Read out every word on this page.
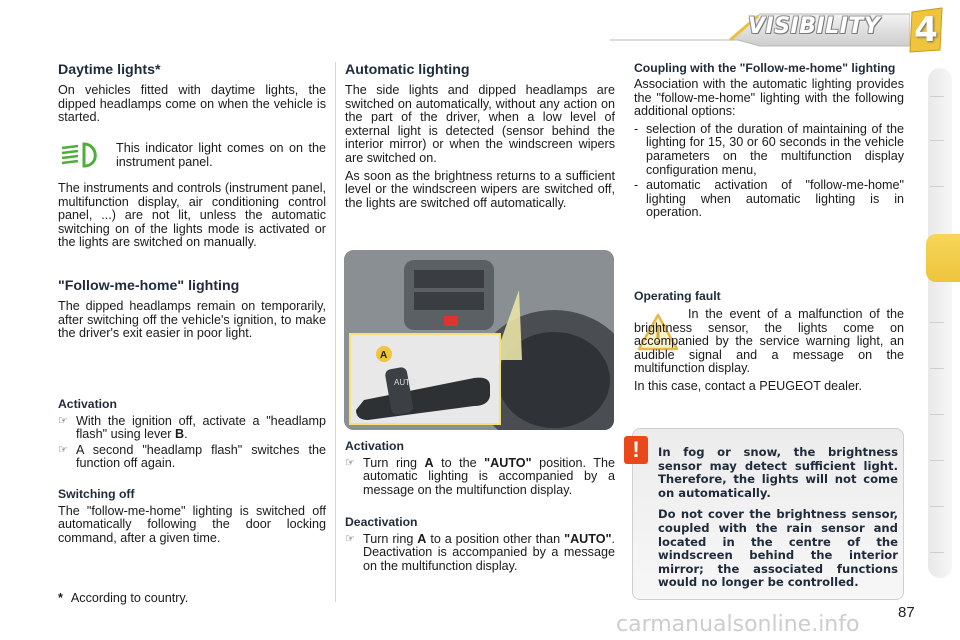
VISIBILITY 4
Daytime lights*
On vehicles fitted with daytime lights, the dipped headlamps come on when the vehicle is started.
This indicator light comes on on the instrument panel.
The instruments and controls (instrument panel, multifunction display, air conditioning control panel, ...) are not lit, unless the automatic switching on of the lights mode is activated or the lights are switched on manually.
"Follow-me-home" lighting
The dipped headlamps remain on temporarily, after switching off the vehicle's ignition, to make the driver's exit easier in poor light.
Activation
☞ With the ignition off, activate a "headlamp flash" using lever B.
☞ A second "headlamp flash" switches the function off again.
Switching off
The "follow-me-home" lighting is switched off automatically following the door locking command, after a given time.
* According to country.
Automatic lighting
The side lights and dipped headlamps are switched on automatically, without any action on the part of the driver, when a low level of external light is detected (sensor behind the interior mirror) or when the windscreen wipers are switched on.
As soon as the brightness returns to a sufficient level or the windscreen wipers are switched off, the lights are switched off automatically.
AUTO
A
Activation
☞ Turn ring A to the "AUTO" position. The automatic lighting is accompanied by a message on the multifunction display.
Deactivation
☞ Turn ring A to a position other than "AUTO". Deactivation is accompanied by a message on the multifunction display.
Coupling with the "Follow-me-home" lighting
Association with the automatic lighting provides the "follow-me-home" lighting with the following additional options:
- selection of the duration of maintaining of the lighting for 15, 30 or 60 seconds in the vehicle parameters on the multifunction display configuration menu,
- automatic activation of "follow-me-home" lighting when automatic lighting is in operation.
Operating fault
In the event of a malfunction of the brightness sensor, the lights come on accompanied by the service warning light, an audible signal and a message on the multifunction display.
In this case, contact a PEUGEOT dealer.
!	In fog or snow, the brightness sensor may detect sufficient light. Therefore, the lights will not come on automatically.

Do not cover the brightness sensor, coupled with the rain sensor and located in the centre of the windscreen behind the interior mirror; the associated functions would no longer be controlled.

carmanualsonline.info	87
